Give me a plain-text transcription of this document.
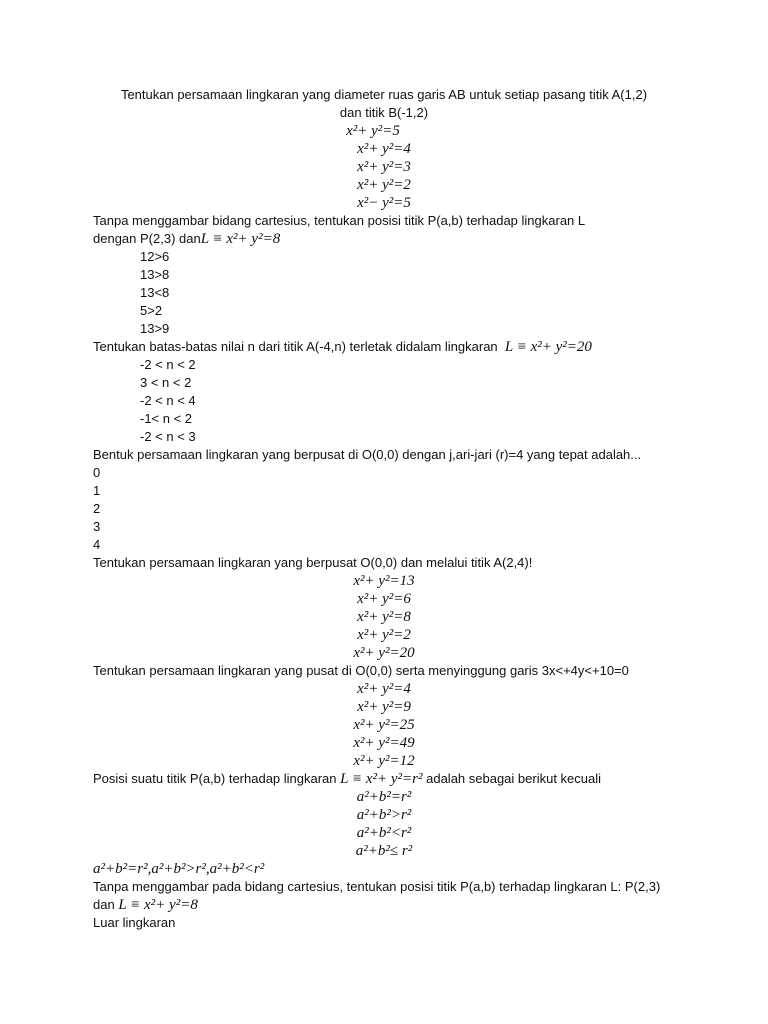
Tentukan persamaan lingkaran yang diameter ruas garis AB untuk setiap pasang titik A(1,2)
dan titik B(-1,2)
x²+ y²=5
x²+ y²=4
x²+ y²=3
x²+ y²=2
x²− y²=5
Tanpa menggambar bidang cartesius, tentukan posisi titik P(a,b) terhadap lingkaran L
dengan P(2,3) danL ≡ x²+ y²=8
12>6
13>8
13<8
5>2
13>9
Tentukan batas-batas nilai n dari titik A(-4,n) terletak didalam lingkaran L ≡ x²+ y²=20
-2 < n < 2
3 < n < 2
-2 < n < 4
-1< n < 2
-2 < n < 3
Bentuk persamaan lingkaran yang berpusat di O(0,0) dengan j,ari-jari (r)=4 yang tepat adalah...
0
1
2
3
4
Tentukan persamaan lingkaran yang berpusat O(0,0) dan melalui titik A(2,4)!
x²+ y²=13
x²+ y²=6
x²+ y²=8
x²+ y²=2
x²+ y²=20
Tentukan persamaan lingkaran yang pusat di O(0,0) serta menyinggung garis 3x<+4y<+10=0
x²+ y²=4
x²+ y²=9
x²+ y²=25
x²+ y²=49
x²+ y²=12
Posisi suatu titik P(a,b) terhadap lingkaran L ≡ x²+ y²=r² adalah sebagai berikut kecuali
a²+b²=r²
a²+b²>r²
a²+b²<r²
a²+b²≤ r²
a²+b²=r²,a²+b²>r²,a²+b²<r²
Tanpa menggambar pada bidang cartesius, tentukan posisi titik P(a,b) terhadap lingkaran L: P(2,3)
dan L ≡ x²+ y²=8
Luar lingkaran
